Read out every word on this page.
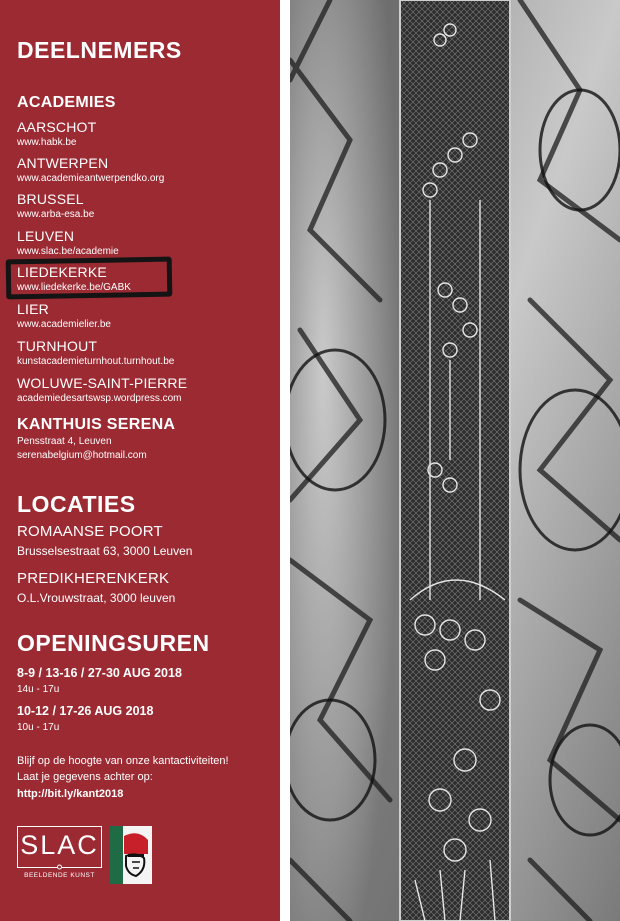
DEELNEMERS
ACADEMIES
AARSCHOT
www.habk.be
ANTWERPEN
www.academieantwerpendko.org
BRUSSEL
www.arba-esa.be
LEUVEN
www.slac.be/academie
LIEDEKERKE
www.liedekerke.be/GABK
LIER
www.academielier.be
TURNHOUT
kunstacademieturnhout.turnhout.be
WOLUWE-SAINT-PIERRE
academiedesartswsp.wordpress.com
KANTHUIS SERENA
Pensstraat 4, Leuven
serenabelgium@hotmail.com
LOCATIES
ROMAANSE POORT
Brusselsestraat 63, 3000 Leuven
PREDIKHERENKERK
O.L.Vrouwstraat, 3000 leuven
OPENINGSUREN
8-9 / 13-16 / 27-30 AUG 2018
14u - 17u
10-12 / 17-26 AUG 2018
10u - 17u
Blijf op de hoogte van onze kantactiviteiten!
Laat je gegevens achter op:
http://bit.ly/kant2018
SLAC
BEELDENDE KUNST
